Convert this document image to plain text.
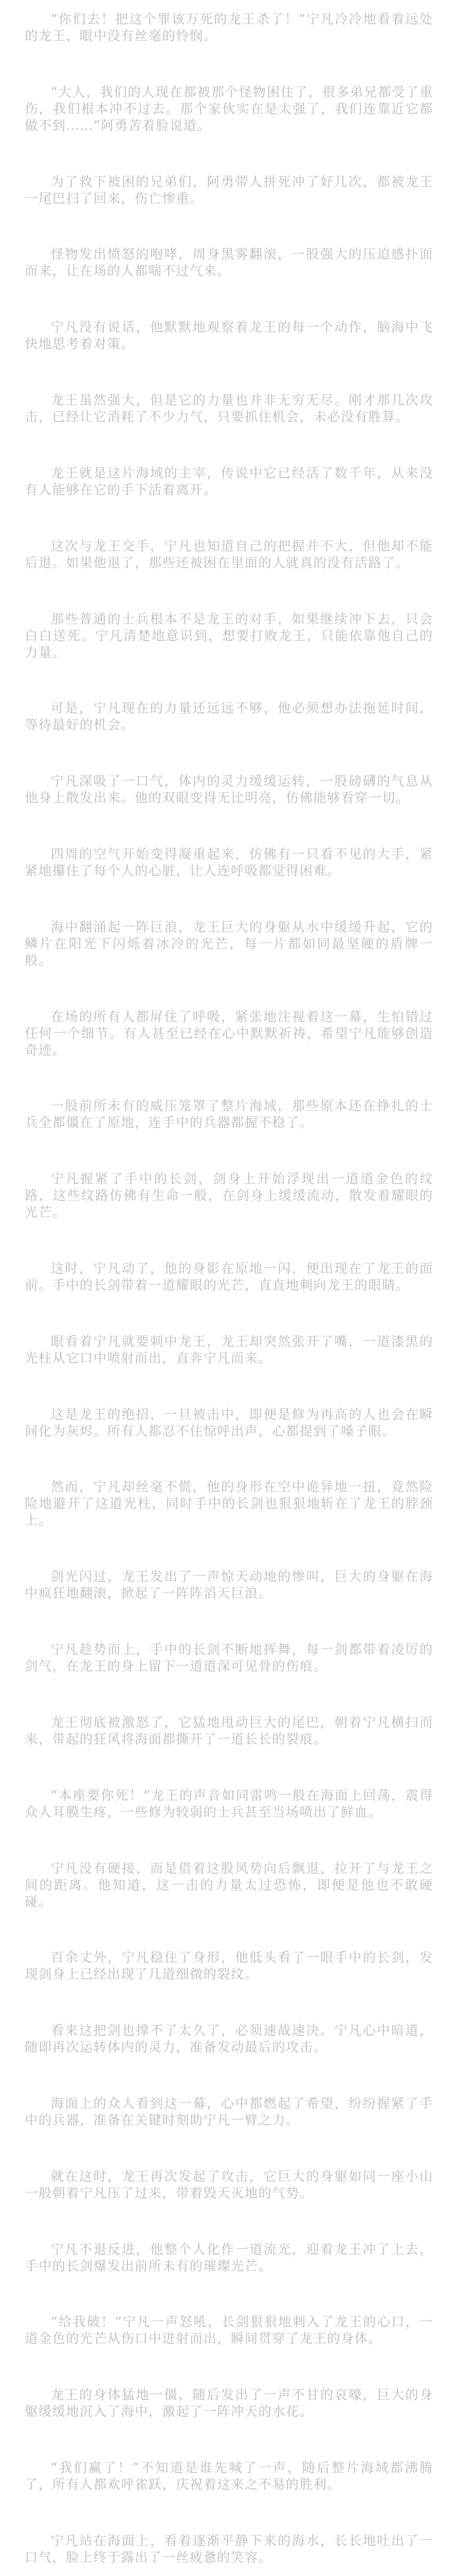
“你们去！把这个罪该万死的龙王杀了！”宁凡冷冷地看着远处的龙王，眼中没有丝毫的怜悯。

“大人，我们的人现在都被那个怪物困住了，很多弟兄都受了重伤，我们根本冲不过去。那个家伙实在是太强了，我们连靠近它都做不到……”阿勇苦着脸说道。

为了救下被困的兄弟们，阿勇带人拼死冲了好几次，都被龙王一尾巴扫了回来，伤亡惨重。

怪物发出愤怒的咆哮，周身黑雾翻滚，一股强大的压迫感扑面而来，让在场的人都喘不过气来。

宁凡没有说话，他默默地观察着龙王的每一个动作，脑海中飞快地思考着对策。

龙王虽然强大，但是它的力量也并非无穷无尽。刚才那几次攻击，已经让它消耗了不少力气，只要抓住机会，未必没有胜算。

龙王就是这片海域的主宰，传说中它已经活了数千年，从来没有人能够在它的手下活着离开。

这次与龙王交手，宁凡也知道自己的把握并不大，但他却不能后退。如果他退了，那些还被困在里面的人就真的没有活路了。

那些普通的士兵根本不是龙王的对手，如果继续冲下去，只会白白送死。宁凡清楚地意识到，想要打败龙王，只能依靠他自己的力量。

可是，宁凡现在的力量还远远不够，他必须想办法拖延时间，等待最好的机会。

宁凡深吸了一口气，体内的灵力缓缓运转，一股磅礴的气息从他身上散发出来。他的双眼变得无比明亮，仿佛能够看穿一切。

四周的空气开始变得凝重起来，仿佛有一只看不见的大手，紧紧地攥住了每个人的心脏，让人连呼吸都觉得困难。

海中翻涌起一阵巨浪，龙王巨大的身躯从水中缓缓升起，它的鳞片在阳光下闪烁着冰冷的光芒，每一片都如同最坚硬的盾牌一般。

在场的所有人都屏住了呼吸，紧张地注视着这一幕，生怕错过任何一个细节。有人甚至已经在心中默默祈祷，希望宁凡能够创造奇迹。

一股前所未有的威压笼罩了整片海域，那些原本还在挣扎的士兵全都僵在了原地，连手中的兵器都握不稳了。

宁凡握紧了手中的长剑，剑身上开始浮现出一道道金色的纹路，这些纹路仿佛有生命一般，在剑身上缓缓流动，散发着耀眼的光芒。

这时，宁凡动了，他的身影在原地一闪，便出现在了龙王的面前。手中的长剑带着一道耀眼的光芒，直直地刺向龙王的眼睛。

眼看着宁凡就要刺中龙王，龙王却突然张开了嘴，一道漆黑的光柱从它口中喷射而出，直奔宁凡而来。

这是龙王的绝招，一旦被击中，即便是修为再高的人也会在瞬间化为灰烬。所有人都忍不住惊呼出声，心都提到了嗓子眼。

然而，宁凡却丝毫不慌，他的身形在空中诡异地一扭，竟然险险地避开了这道光柱，同时手中的长剑也狠狠地斩在了龙王的脖颈上。

剑光闪过，龙王发出了一声惊天动地的惨叫，巨大的身躯在海中疯狂地翻滚，掀起了一阵阵滔天巨浪。

宁凡趁势而上，手中的长剑不断地挥舞，每一剑都带着凌厉的剑气，在龙王的身上留下一道道深可见骨的伤痕。

龙王彻底被激怒了，它猛地甩动巨大的尾巴，朝着宁凡横扫而来，带起的狂风将海面都撕开了一道长长的裂痕。

“本座要你死！”龙王的声音如同雷鸣一般在海面上回荡，震得众人耳膜生疼，一些修为较弱的士兵甚至当场喷出了鲜血。

宁凡没有硬接，而是借着这股风势向后飘退，拉开了与龙王之间的距离。他知道，这一击的力量太过恐怖，即便是他也不敢硬碰。

百余丈外，宁凡稳住了身形，他低头看了一眼手中的长剑，发现剑身上已经出现了几道细微的裂纹。

看来这把剑也撑不了太久了，必须速战速决。宁凡心中暗道，随即再次运转体内的灵力，准备发动最后的攻击。

海面上的众人看到这一幕，心中都燃起了希望，纷纷握紧了手中的兵器，准备在关键时刻助宁凡一臂之力。

就在这时，龙王再次发起了攻击，它巨大的身躯如同一座小山一般朝着宁凡压了过来，带着毁天灭地的气势。

宁凡不退反进，他整个人化作一道流光，迎着龙王冲了上去，手中的长剑爆发出前所未有的璀璨光芒。

“给我破！”宁凡一声怒吼，长剑狠狠地刺入了龙王的心口，一道金色的光芒从伤口中迸射而出，瞬间贯穿了龙王的身体。

龙王的身体猛地一僵，随后发出了一声不甘的哀嚎，巨大的身躯缓缓地沉入了海中，激起了一阵冲天的水花。

“我们赢了！”不知道是谁先喊了一声，随后整片海域都沸腾了，所有人都欢呼雀跃，庆祝着这来之不易的胜利。

宁凡站在海面上，看着逐渐平静下来的海水，长长地吐出了一口气，脸上终于露出了一丝疲惫的笑容。
